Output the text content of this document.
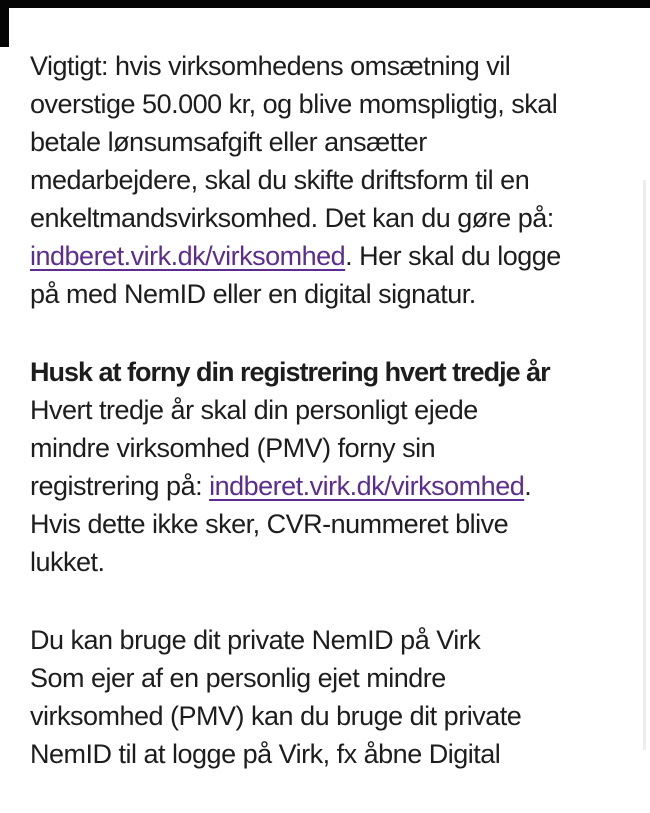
Vigtigt: hvis virksomhedens omsætning vil
overstige 50.000 kr, og blive momspligtig, skal
betale lønsumsafgift eller ansætter
medarbejdere, skal du skifte driftsform til en
enkeltmandsvirksomhed. Det kan du gøre på:
indberet.virk.dk/virksomhed. Her skal du logge
på med NemID eller en digital signatur.

Husk at forny din registrering hvert tredje år
Hvert tredje år skal din personligt ejede
mindre virksomhed (PMV) forny sin
registrering på: indberet.virk.dk/virksomhed.
Hvis dette ikke sker, CVR-nummeret blive
lukket.

Du kan bruge dit private NemID på Virk
Som ejer af en personlig ejet mindre
virksomhed (PMV) kan du bruge dit private
NemID til at logge på Virk, fx åbne Digital
